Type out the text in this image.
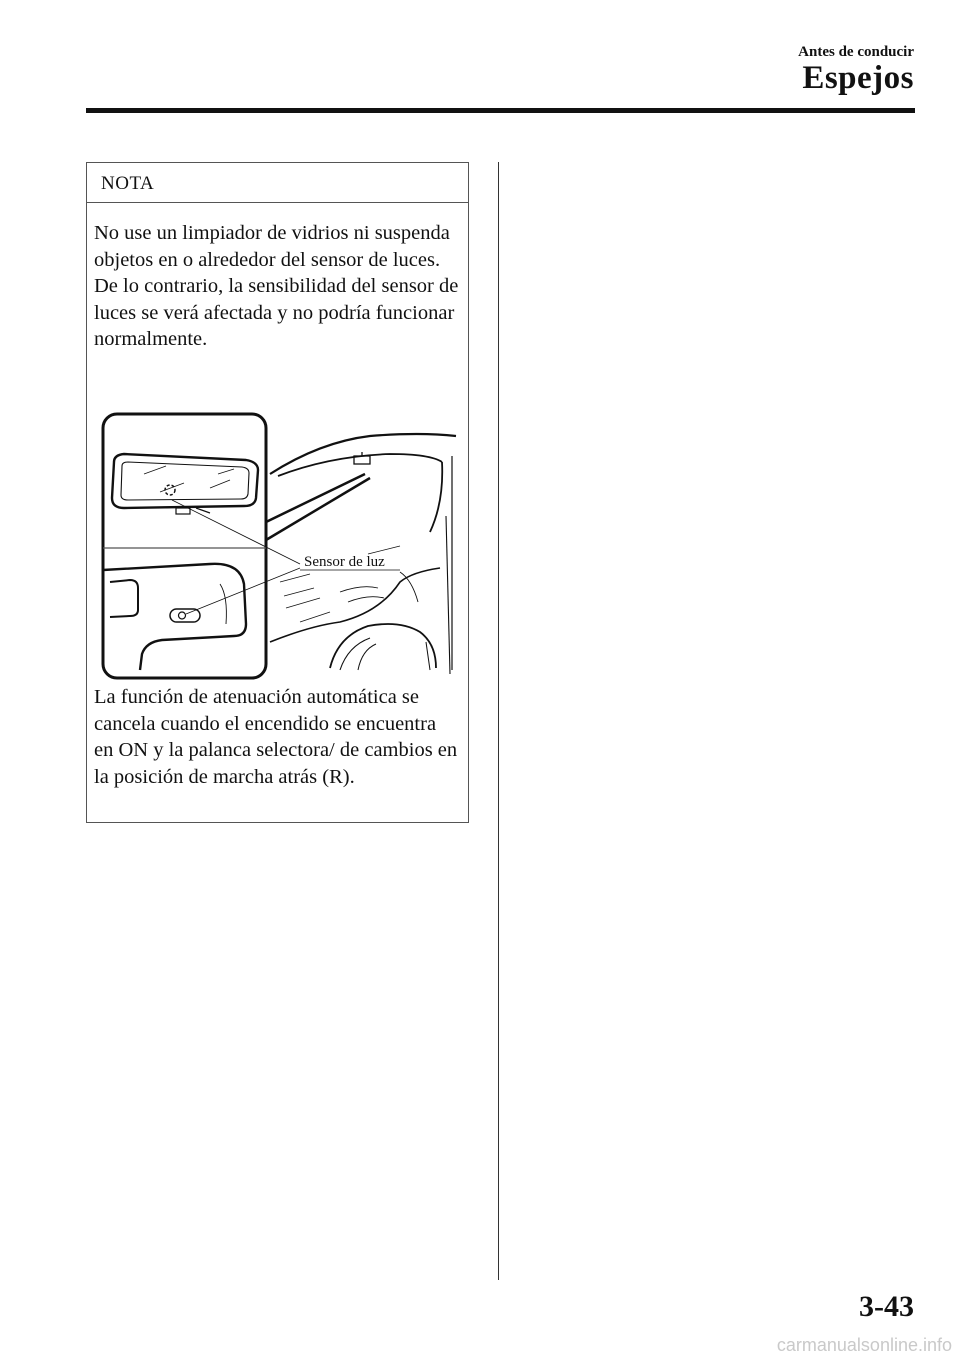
Antes de conducir
Espejos
NOTA

No use un limpiador de vidrios ni suspenda objetos en o alrededor del sensor de luces. De lo contrario, la sensibilidad del sensor de luces se verá afectada y no podría funcionar normalmente.

Sensor de luz

La función de atenuación automática se cancela cuando el encendido se encuentra en ON y la palanca selectora/ de cambios en la posición de marcha atrás (R).

3-43
carmanualsonline.info
